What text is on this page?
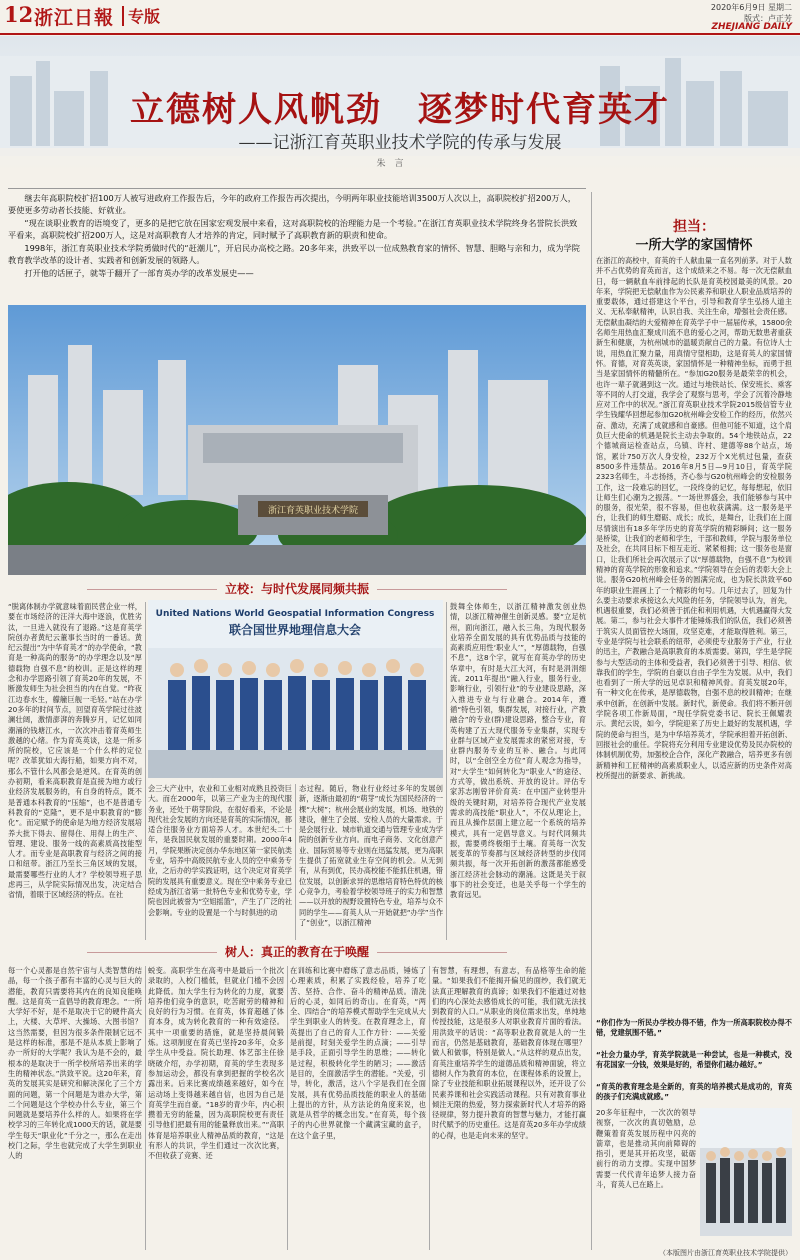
12 浙江日報 专版	2020年6月9日 星期二
版式：卢正芳
ZHEJIANG DAILY
立德树人风帆劲　逐梦时代育英才
——记浙江育英职业技术学院的传承与发展
朱　言

继去年高职院校扩招100万人被写进政府工作报告后，今年的政府工作报告再次提出，今明两年职业技能培训3500万人次以上，高职院校扩招200万人，要使更多劳动者长技能、好就业。

“现在谈职业教育的语境变了，更多的是把它放在国家宏观发展中来看，这对高职院校的治理能力是一个考验。”在浙江育英职业技术学院终身名誉院长洪致平看来，高职院校扩招200万人，这是对高职教育人才培养的肯定，同时赋予了高职教育新的职责和使命。

1998年，浙江育英职业技术学院勇做时代的“赶潮儿”，开启民办高校之路。20多年来，洪致平以一位成熟教育家的情怀、智慧、胆略与亲和力，成为学院教育教学改革的设计者、实践者和创新发展的领路人。

打开他的话匣子，就等于翻开了一部育英办学的改革发展史——

浙江育英职业技术学院
立校：与时代发展同频共振
“脱离体制办学就意味着面民营企业一样，要在市场经济的汪洋大海中逐浪，优胜劣汰，一旦进入就没有了退路。”这是育英学院创办者黄纪云董事长当时的一番话。黄纪云提出“为中华育英才”的办学使命，“教育是一种高尚的服务”的办学理念以及“厚德载物 自强不息”的校训。正是这样的理念和办学思路引领了育英20年的发展，不断激发师生为社会担当的内在自觉。“昨夜江边春水生，艨艟巨舰一毛轻。”站在办学20多年的时间节点，回望育英学院过往波澜壮阔，激情澎湃的奔腾岁月，记忆如同潮涌的钱塘江水，一次次冲击着育英师生激越的心绪。作为育英英谈，这是一所多所的院校，它应该是一个什么样的定位呢？改革犹如大海行船，如果方向不对，那么不管什么风都会是逆风。在育英的创办初期，看来高职教育是直接为地方或行业经济发展服务的，有自身的特点，既不是普通本科教育的“压缩”，也不是普通专科教育的“克隆”，更不是中职教育的“膨化”。而定赋予的使命是为地方经济发展培养大批下得去、留得住、用得上的生产、管理、建设、服务一线的高素质高技能型人才。而专业是高职教育与经济之间的接口和纽带。浙江乃至长三角区域的发展，最需要哪些行业的人才？学校领导班子思虑再三，从学院实际情况出发，决定结合省情，着眼于区域经济的特点。在社
United Nations World Geospatial Information Congress
联合国世界地理信息大会
会三大产业中，农业和工业相对成熟且投资巨大。而在2000年，以第三产业为主的现代服务业，还处于萌芽阶段，在很好看来，不论是现代社会发展的方向还是育英的实际情况，都适合往服务业方面培养人才。本世纪头二十年，是我国民航发展的重要时期。2000年4月，学院果断决定创办华东地区第一家民航类专业，培养中高级民航专业人员的空中乘务专业，之后办的学实践证明，这个决定对育英学院的发展具有重要意义。现在空中乘务专业已经成为浙江省第一批特色专业和优势专业，学院也因此被誉为“空姐摇篮”，产生了广泛的社会影响。专业的设置是一个与时俱进的动
态过程。随后，物业行业经过多年的发展创新，逐渐由最初的“萌芽”成长为国民经济的一棵“大树”；杭州会展业的发展，机场、地铁的建设，催生了会展、安检人员的大量需求。于是会展行业、城市轨道交通与管理专业成为学院的创新专业方向。而电子商务、文化创意产业、国际贸易等专业则在迅猛发展，更为高职生提供了拓宽就业生存空间的机会。从无到有，从有到优，民办高校能不能抓住机遇，错位发展，以创新求异的思维培育特色特优的核心竞争力，考验着学校领导班子的实力和智慧——以开放的视野设置特色专业，培养与众不同的学生——育英人从一开始就把“办学”当作了“创业”，以浙江精神
鼓舞全体师生，以浙江精神激发创业热情，以浙江精神催生创新灵感。要“立足杭州，面向浙江，融入长三角，为现代服务业培养全面发展的具有优势品质与技能的高素质应用性‘职业人’”，“厚德载物，自强不息”，这8个字，就写在育英办学的历史华章中，有时是大江大河，有时是涓涓细流。2011年提出“融入行业，服务行业，影响行业，引领行业”的专业建设思路，深入推进专业与行业融合。2014年，遵循“特色引领，集群发展，对接行业，产教融合”的专业(群)建设思路，整合专业，育英构建了五大现代服务专业集群，实现专业群与区域产业发展需求的紧密对接，专业群内服务专业的互补、融合。与此同时，以“全创空全方位”育人观念为指导，对“大学生”如何转化为“职业人”的途径、方式等，做出系统、开放的设计。评估专家苏志刚曾评价育英：在中国产业转型升级的关键时期，对培养符合现代产业发展需求的高技能“职业人”，不仅从理论上，而且从操作层面上建立起一个系统的培养模式，具有一定倡导意义。与时代同频共振，需要勇终极细于土壤。育英每一次发展变革的节奏都与区域经济转型的步伐同频共振，每一次开拓创新的激荡都能感受浙江经济社会脉动的潮涌。这既是关于叙事下的社会变迁，也是关乎每一个学生的教育远见。
树人：真正的教育在于唤醒
每一个心灵都是自然宇宙与人类智慧的结晶，每一个孩子都有丰富的心灵与巨大的潜能，教育只需要将其内在的良知良能唤醒。这是育英一直倡导的教育理念。“一所大学好不好，是不是取决于它的硬件高大上，大楼、大草坪、大操场、大图书馆？这当然需要，但因为很多条件限制它远不是这样的标准，那是不是从本质上影响了办一所好的大学呢？我认为是不会的，最根本的是取决于一所学校所培养出来的学生的精神状态。”洪致平说。这20年来，育英的发展其实是研究和解决深化了三个方面的问题，第一个问题是为谁办大学，第二个问题是这个学校办什么专业，第三个问题就是要培养什么样的人。如果将在学校学习的三年转化成1000天的话，就是要学生每天“职业化”千分之一，那么在走出校门之际，学生也就完成了大学生到职业人的
蜕变。高职学生在高考中是最后一个批次录取的，入校门槛低，但就业门槛不会因此降低。加大学生行为转化的力度，就要培养他们竞争的意识，吃苦耐劳的精神和良好的行为习惯。在育英，体育超越了体育本身，成为转化教育的一种有效途径。其中一项重要的措施，就是坚持晨间锻炼。这项制度在育英已坚持20多年，众多学生从中受益。院长助理、体艺部主任徐晓破介绍，办学初期，育英的学生表现多参加运动会，都没有拿到把握的学校名次露出来。后来比赛成绩越来越好，如今在运动场上变得越来越自信，也因为自己是育英学生而自豪。“18岁的青少年，内心积攒着无穷的能量，因为高职院校更有责任引导他们把最有用的能量释放出来。”“高职体育是培养职业人精神品质的教育，“这是有形人的共识，学生们通过一次次比赛，不但收获了竞赛、还
在训练和比赛中磨练了意志品质，锤炼了心理素质，积累了实践经验，培养了吃苦、坚持、合作、奋斗的精神品质。清洗后的心灵，如同后的奇山。在育英，“两全、四结合”的培养模式帮助学生完成从大学生到职业人的转变。在教育理念上，育英提出了自己的育人工作方针：——关爱是前提，时刻关爱学生的点滴；——引导是手段，正面引导学生的思维；——转化是过程，积极转化学生的陋习；——激活是目的，全面激活学生的潜能。“关爱，引导，转化，激活，这八个字是我们在全面发展，具有优势品质技能的职业人的基础上提出的方针，从方法论的角度来说，也就是从哲学的概念出发。”在育英，每个孩子的内心世界就像一个藏满宝藏的盒子，在这个盒子里，
有智慧，有理想，有意志，有品格等生命的能量。“如果我们不能揭开偏见的面纱，我们就无法真正理解教育的真谛；如果我们不能通过对他们的内心深处去感悟成长的可能，我们就无法找到教育的入口。”从职业的岗位需求出发，单纯地传授技能，这是很多人对职业教育片面的看法。用洪致平的话说：“高等职业教育就是人的一生而言，仍然是基础教育，基础教育体现在哪里？做人和做事，特别是做人。”从这样的观点出发，育英注重培养学生的道德品质和精神面貌，将立德树人作为教育的本位，在课程体系的设置上，除了专业技能和职业拓展课程以外，还开设了公民素养课和社会实践活动课程。只有对教育事业倾注无限的热爱，努力探索新时代人才培养的路径规律，努力提升教育的智慧与魅力，才能打赢时代赋予的历史重任。这是育英20多年办学成绩的心得，也是走向未来的坚守。
担当：
一所大学的家国情怀
在浙江的高校中，育英的千人献血量一直名列前茅。对于人数并不占优势的育英而言，这个成绩来之不易。每一次无偿献血日，每一辆献血车前排起的长队是育英校园最美的风景。20年来，学院把无偿献血作为公民素养和职业人职业品质培养的重要载体，通过搭建这个平台，引导和教育学生弘扬人道主义、无私奉献精神，认识自我、关注生命，增强社会责任感。无偿献血凝结的大爱精神在育英学子中一届届传承，15800余名师生用热血汇聚成川流不息的爱心之河，帮助无数患者重获新生和健康，为杭州城市的温暖贡献自己的力量。有位诗人士说，用热血汇聚力量，用真情守望相助，这是育英人的家国情怀。育德，对育英英谈，家国情怀是一种精神坐标，而勇于担当是家国情怀的精髓所在。“参加G20服务是最荣幸的机会，也许一辈子就遇到这一次。通过与地铁站长、保安班长、乘客等不同的人打交道，我学会了观察与思考，学会了沉着冷静地应对工作中的状况。”浙江育英职业技术学院2015级信管专业学生钱耀华回想起参加G20杭州峰会安检工作的经历，依然兴奋、激动，充满了成就感和自豪感。但他可能不知道，这个肩负巨大使命的机遇是院长主动去争取的。54个地铁站点，22个德城商运检查站点，乌镇、许村、建德等88个站点，场馆，累计750万次人身安检，232万个X光机过包量，查获8500多件违禁品。2016年8月5日—9月10日，育英学院2323名师生，斗志扬扬，齐心参与G20杭州峰会的安检服务工作，这一段难忘的回忆，一段终身的记忆，每每想起，依旧让师生们心潮为之振荡。“一场世界盛会，我们能够参与其中的服务，很光荣，很不容易，但也收获满满。这一服务是平台，让我们的师生磨砺、成长；成长，是舞台，让我们在上面尽情演出有18多年学历史的育英学院的精彩瞬间；这一服务是桥梁，让我们的老师和学生，干部和教师，学院与服务单位及社会，在共同目标下相互走近、紧紧相拥；这一服务也是窗口，让我们所社会再次展示了以“厚德载物，自强不息”为校训精神的育英学院的形象和追求。”学院领导在会后的表彰大会上说。服务G20杭州峰会任务的圆满完成，也为院长洪致平60年的职业生涯画上了一个精彩的句号。几年过去了，回复为什么要主动要求承接这么大风险的任务，学院领导认为，首先，机遇很重要，我们必须善于抓住和利用机遇，大机遇赢得大发展。第二，参与社会大事件才能锤炼我们的队伍，我们必须善于筑实人员面管控大场面，攻坚克难，才能取得胜利。第三，专业是学院与社会联系的纽带，必须使专业服务于产业，行业的迅主，产教融合是高职教育的本质需要。第四，学生是学院参与大型活动的主体和受益者，我们必须善于引导、相信、依靠我们的学生，学院的自豪以自由子学生为发展。从中，我们也看到了一所大学的远见卓识和精神风骨。育英发展20年，有一种文化在传承，是厚德载物，自强不息的校训精神；在继承中创新，在创新中发展。新时代，新使命。我们将不断开创学院各项工作新局面，“现任学院党委书记、院长王佩耀表示。黄纪云说，如今，学院迎来了历史上最好的发展机遇，学院的使命与担当，是为中华培养英才，学院承担着开拓创新、回报社会的重任。学院将充分利用专业建设优势及民办院校的体制机制优势，加强校企合作，深化产教融合，培养更多有创新精神和工匠精神的高素质职业人，以适应新的历史条件对高校所提出的新要求、新挑战。
“你们作为一所民办学校办得不错，作为一所高职院校办得不错，党建氛围不错。”
“社会力量办学，育英学院就是一种尝试，也是一种模式，没有花国家一分钱，效果是好的，希望你们越办越好。”
“育英的教育理念是全新的，育英的培养模式是成功的，育英的孩子们充满成就感。”
20多年征程中，一次次的领导视察，一次次的真切勉励，总鞭策着育英发展历程中闪亮的箭章，也是推动其向前障碍的指引，更是其开拓攻坚，砥砺前行的动力支撑。实现中国梦需要一代代青年追梦人接力奋斗，育英人已在路上。
（本版图片由浙江育英职业技术学院提供）
